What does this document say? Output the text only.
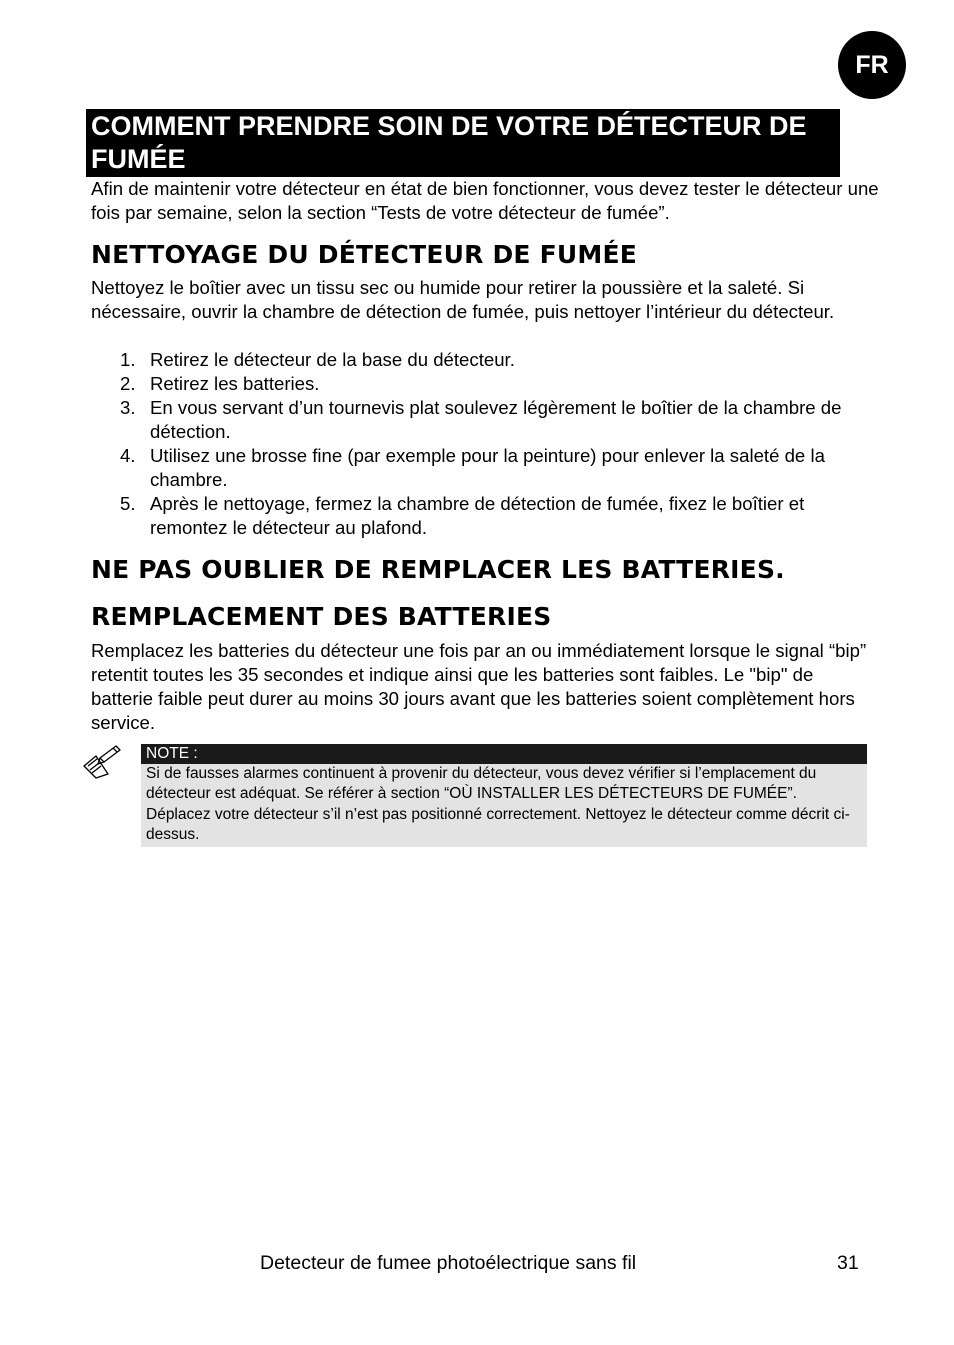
FR
COMMENT PRENDRE SOIN DE VOTRE DÉTECTEUR DE FUMÉE

Afin de maintenir votre détecteur en état de bien fonctionner, vous devez tester le détecteur une fois par semaine, selon la section “Tests de votre détecteur de fumée”.

NETTOYAGE DU DÉTECTEUR DE FUMÉE

Nettoyez le boîtier avec un tissu sec ou humide pour retirer la poussière et la saleté. Si nécessaire, ouvrir la chambre de détection de fumée, puis nettoyer l’intérieur du détecteur.

1. Retirez le détecteur de la base du détecteur.
2. Retirez les batteries.
3. En vous servant d’un tournevis plat soulevez légèrement le boîtier de la chambre de détection.
4. Utilisez une brosse fine (par exemple pour la peinture) pour enlever la saleté de la chambre.
5. Après le nettoyage, fermez la chambre de détection de fumée, fixez le boîtier et remontez le détecteur au plafond.
NE PAS OUBLIER DE REMPLACER LES BATTERIES.
REMPLACEMENT DES BATTERIES

Remplacez les batteries du détecteur une fois par an ou immédiatement lorsque le signal “bip” retentit toutes les 35 secondes et indique ainsi que les batteries sont faibles. Le "bip" de batterie faible peut durer au moins 30 jours avant que les batteries soient complètement hors service.

NOTE :
Si de fausses alarmes continuent à provenir du détecteur, vous devez vérifier si l’emplacement du détecteur est adéquat. Se référer à section “OÙ INSTALLER LES DÉTECTEURS DE FUMÉE”. Déplacez votre détecteur s’il n’est pas positionné correctement. Nettoyez le détecteur comme décrit ci-dessus.
Detecteur de fumee photoélectrique sans fil	31
